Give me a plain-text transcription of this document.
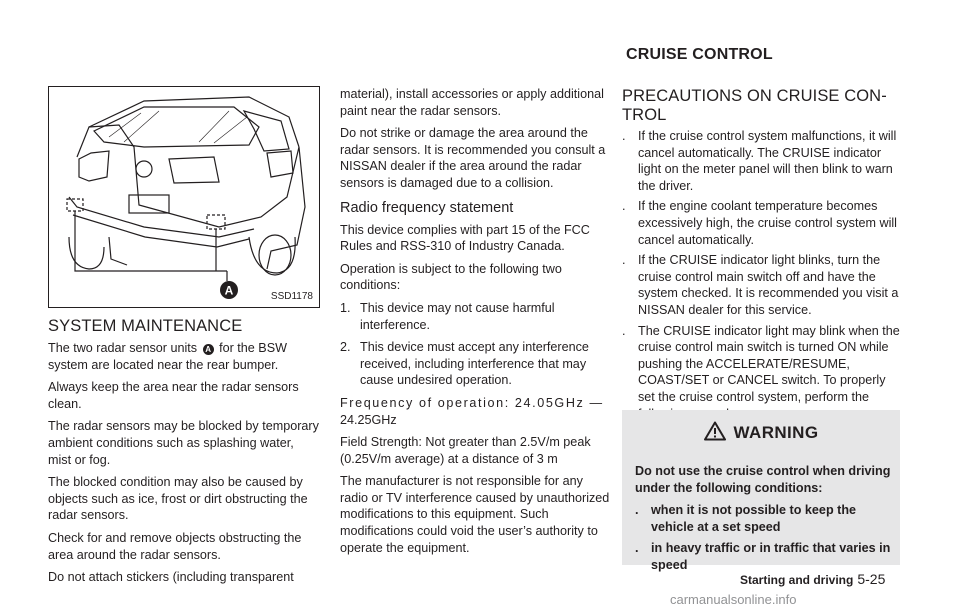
CRUISE CONTROL
A	SSD1178
SYSTEM MAINTENANCE

The two radar sensor units A for the BSW system are located near the rear bumper.

Always keep the area near the radar sensors clean.

The radar sensors may be blocked by temporary ambient conditions such as splashing water, mist or fog.

The blocked condition may also be caused by objects such as ice, frost or dirt obstructing the radar sensors.

Check for and remove objects obstructing the area around the radar sensors.

Do not attach stickers (including transparent

material), install accessories or apply additional paint near the radar sensors.

Do not strike or damage the area around the radar sensors. It is recommended you consult a NISSAN dealer if the area around the radar sensors is damaged due to a collision.

Radio frequency statement

This device complies with part 15 of the FCC Rules and RSS-310 of Industry Canada.

Operation is subject to the following two conditions:

1. This device may not cause harmful interference.
2. This device must accept any interference received, including interference that may cause undesired operation.

Frequency of operation: 24.05GHz —
24.25GHz

Field Strength: Not greater than 2.5V/m peak (0.25V/m average) at a distance of 3 m

The manufacturer is not responsible for any radio or TV interference caused by unauthorized modifications to this equipment. Such modifications could void the user’s authority to operate the equipment.

PRECAUTIONS ON CRUISE CON-
TROL
. If the cruise control system malfunctions, it will cancel automatically. The CRUISE indicator light on the meter panel will then blink to warn the driver.
. If the engine coolant temperature becomes excessively high, the cruise control system will cancel automatically.
. If the CRUISE indicator light blinks, turn the cruise control main switch off and have the system checked. It is recommended you visit a NISSAN dealer for this service.
. The CRUISE indicator light may blink when the cruise control main switch is turned ON while pushing the ACCELERATE/RESUME, COAST/SET or CANCEL switch. To properly set the cruise control system, perform the
WARNING

Do not use the cruise control when driving under the following conditions:

. when it is not possible to keep the vehicle at a set speed
. in heavy traffic or in traffic that varies in speed
Starting and driving 5-25
carmanualsonline.info
